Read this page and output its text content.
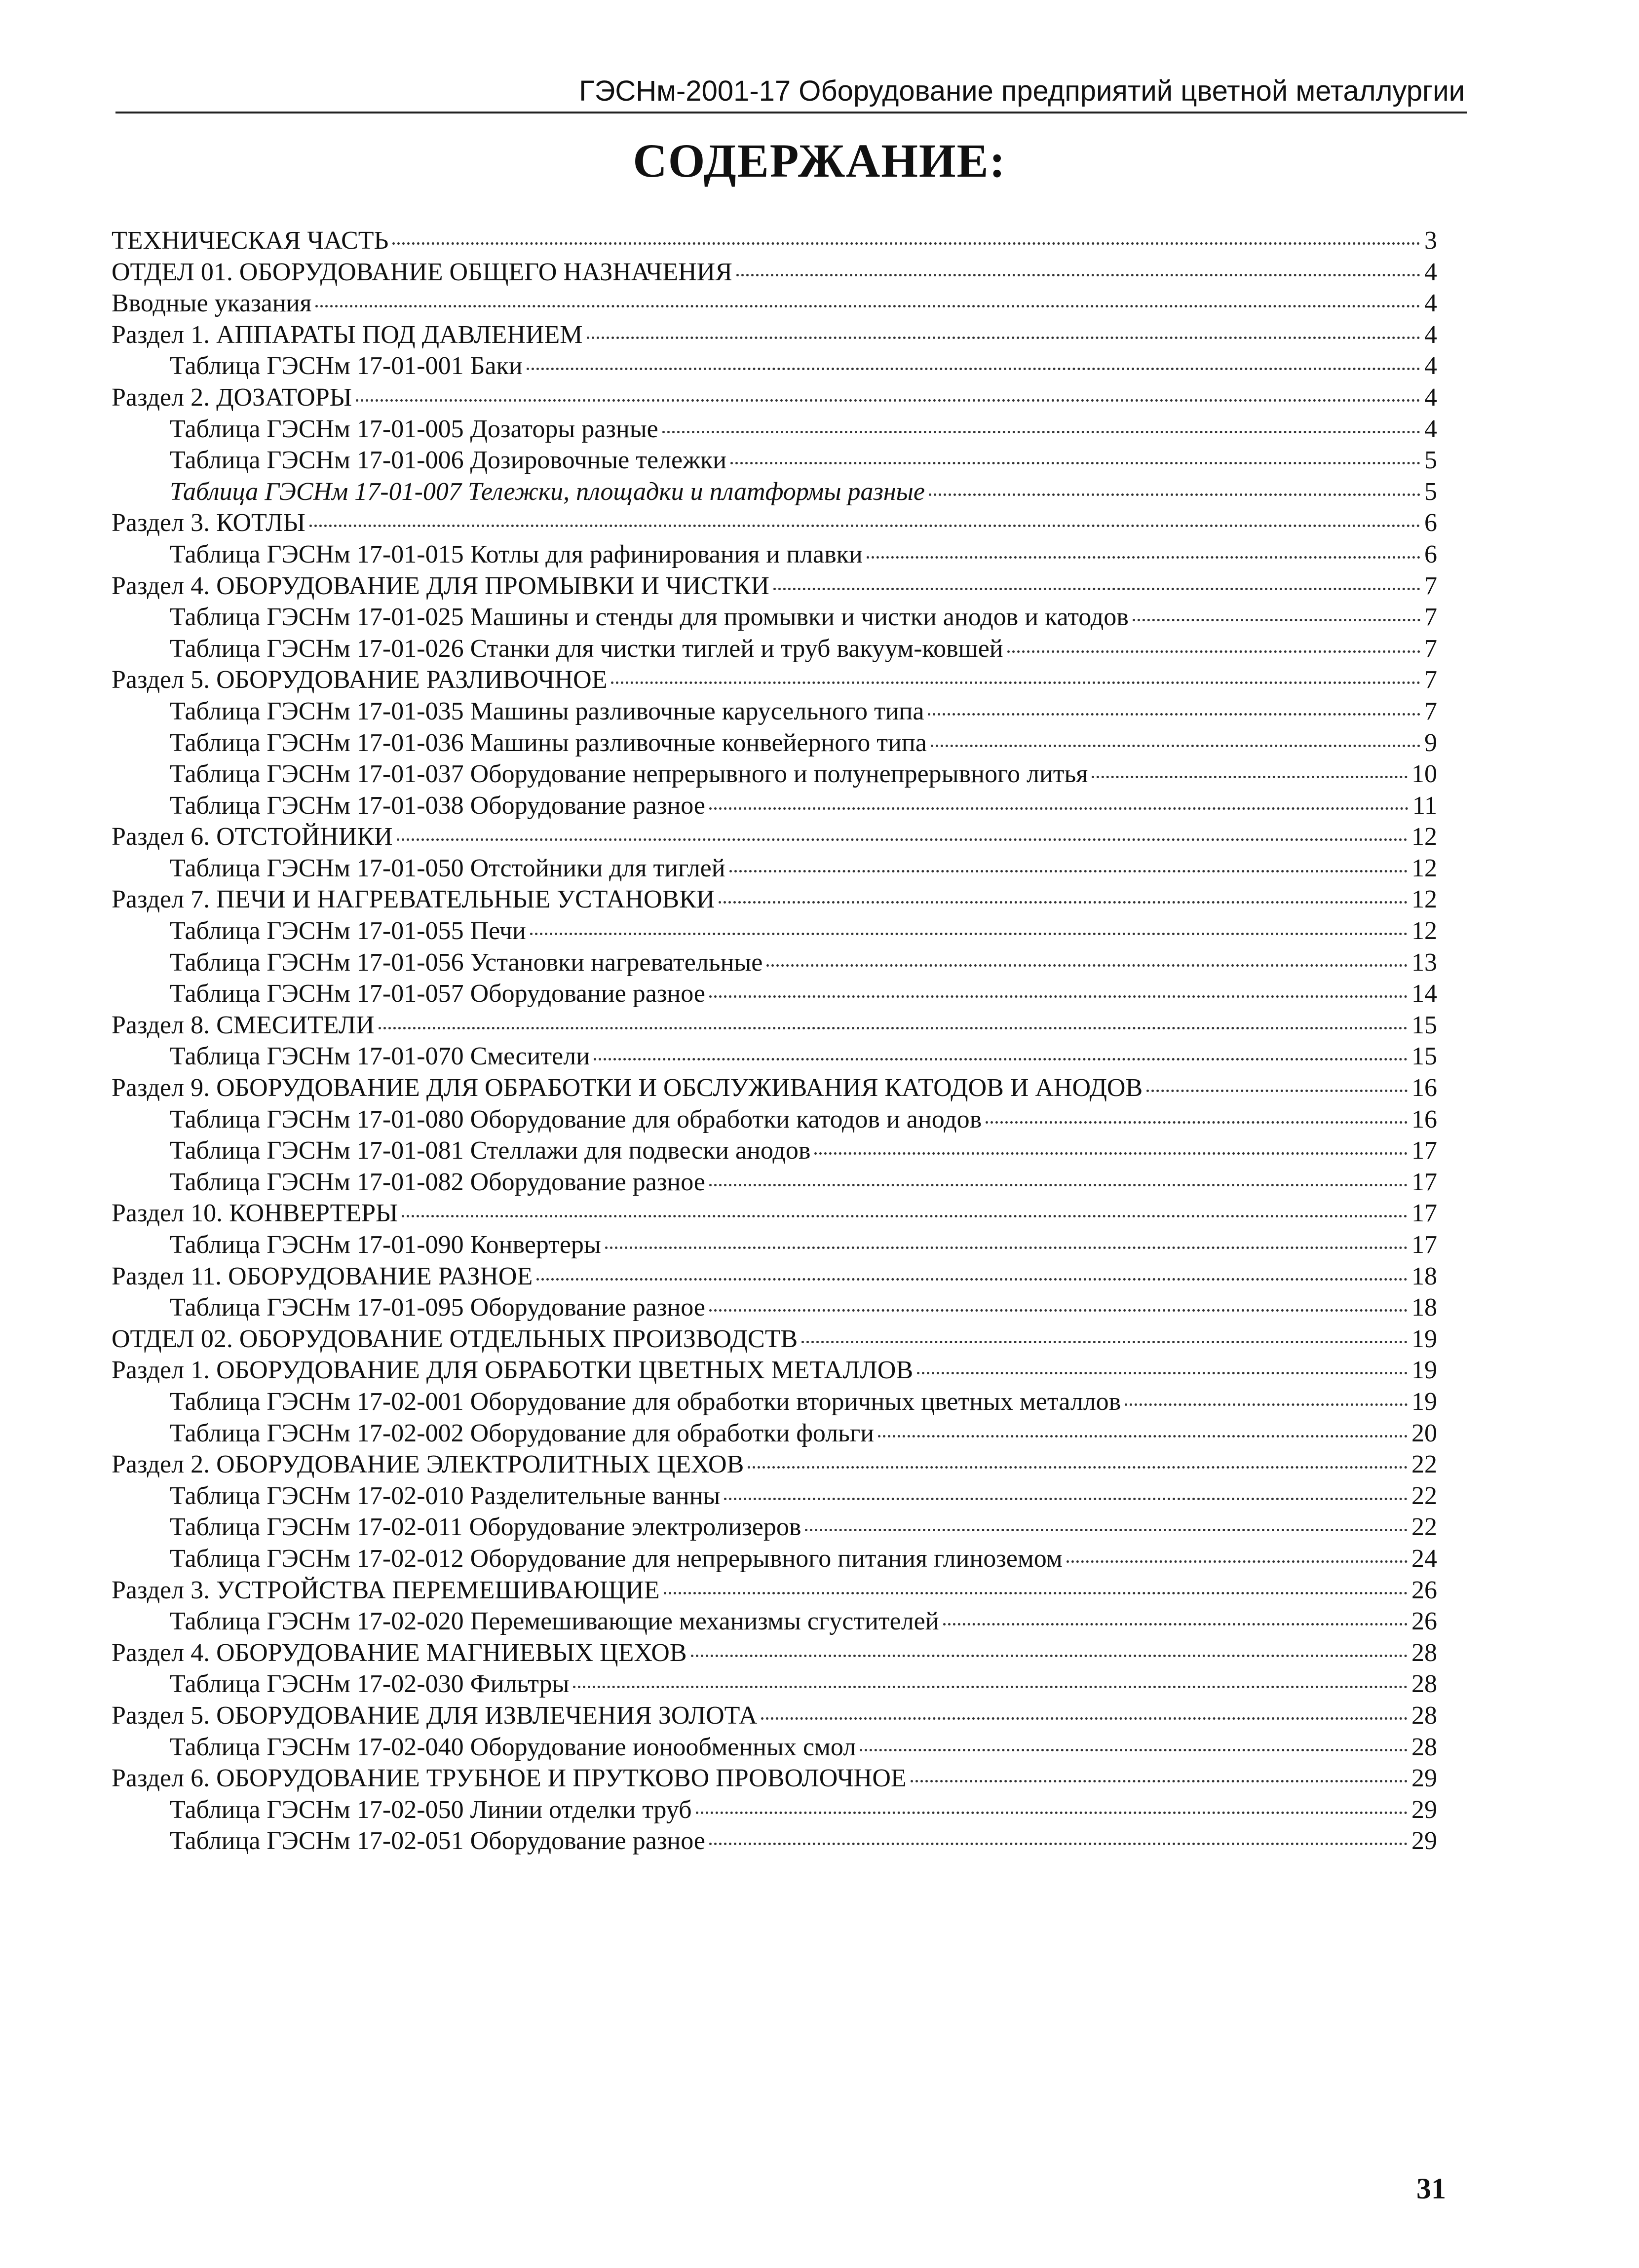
ГЭСНм-2001-17 Оборудование предприятий цветной металлургии
СОДЕРЖАНИЕ:
ТЕХНИЧЕСКАЯ ЧАСТЬ	3
ОТДЕЛ 01. ОБОРУДОВАНИЕ ОБЩЕГО НАЗНАЧЕНИЯ	4
Вводные указания	4
Раздел 1. АППАРАТЫ ПОД ДАВЛЕНИЕМ	4
Таблица ГЭСНм 17-01-001 Баки	4
Раздел 2. ДОЗАТОРЫ	4
Таблица ГЭСНм 17-01-005 Дозаторы разные	4
Таблица ГЭСНм 17-01-006 Дозировочные тележки	5
Таблица ГЭСНм 17-01-007 Тележки, площадки и платформы разные	5
Раздел 3. КОТЛЫ	6
Таблица ГЭСНм 17-01-015 Котлы для рафинирования и плавки	6
Раздел 4. ОБОРУДОВАНИЕ ДЛЯ ПРОМЫВКИ И ЧИСТКИ	7
Таблица ГЭСНм 17-01-025 Машины и стенды для промывки и чистки анодов и катодов	7
Таблица ГЭСНм 17-01-026 Станки для чистки тиглей и труб вакуум-ковшей	7
Раздел 5. ОБОРУДОВАНИЕ РАЗЛИВОЧНОЕ	7
Таблица ГЭСНм 17-01-035 Машины разливочные карусельного типа	7
Таблица ГЭСНм 17-01-036 Машины разливочные конвейерного типа	9
Таблица ГЭСНм 17-01-037 Оборудование непрерывного и полунепрерывного литья	10
Таблица ГЭСНм 17-01-038 Оборудование разное	11
Раздел 6. ОТСТОЙНИКИ	12
Таблица ГЭСНм 17-01-050 Отстойники для тиглей	12
Раздел 7. ПЕЧИ И НАГРЕВАТЕЛЬНЫЕ УСТАНОВКИ	12
Таблица ГЭСНм 17-01-055 Печи	12
Таблица ГЭСНм 17-01-056 Установки нагревательные	13
Таблица ГЭСНм 17-01-057 Оборудование разное	14
Раздел 8. СМЕСИТЕЛИ	15
Таблица ГЭСНм 17-01-070 Смесители	15
Раздел 9. ОБОРУДОВАНИЕ ДЛЯ ОБРАБОТКИ И ОБСЛУЖИВАНИЯ КАТОДОВ И АНОДОВ	16
Таблица ГЭСНм 17-01-080 Оборудование для обработки катодов и анодов	16
Таблица ГЭСНм 17-01-081 Стеллажи для подвески анодов	17
Таблица ГЭСНм 17-01-082 Оборудование разное	17
Раздел 10. КОНВЕРТЕРЫ	17
Таблица ГЭСНм 17-01-090 Конвертеры	17
Раздел 11. ОБОРУДОВАНИЕ РАЗНОЕ	18
Таблица ГЭСНм 17-01-095 Оборудование разное	18
ОТДЕЛ 02. ОБОРУДОВАНИЕ ОТДЕЛЬНЫХ ПРОИЗВОДСТВ	19
Раздел 1. ОБОРУДОВАНИЕ ДЛЯ ОБРАБОТКИ ЦВЕТНЫХ МЕТАЛЛОВ	19
Таблица ГЭСНм 17-02-001 Оборудование для обработки вторичных цветных металлов	19
Таблица ГЭСНм 17-02-002 Оборудование для обработки фольги	20
Раздел 2. ОБОРУДОВАНИЕ ЭЛЕКТРОЛИТНЫХ ЦЕХОВ	22
Таблица ГЭСНм 17-02-010 Разделительные ванны	22
Таблица ГЭСНм 17-02-011 Оборудование электролизеров	22
Таблица ГЭСНм 17-02-012 Оборудование для непрерывного питания глиноземом	24
Раздел 3. УСТРОЙСТВА ПЕРЕМЕШИВАЮЩИЕ	26
Таблица ГЭСНм 17-02-020 Перемешивающие механизмы сгустителей	26
Раздел 4. ОБОРУДОВАНИЕ МАГНИЕВЫХ ЦЕХОВ	28
Таблица ГЭСНм 17-02-030 Фильтры	28
Раздел 5. ОБОРУДОВАНИЕ ДЛЯ ИЗВЛЕЧЕНИЯ ЗОЛОТА	28
Таблица ГЭСНм 17-02-040 Оборудование ионообменных смол	28
Раздел 6. ОБОРУДОВАНИЕ ТРУБНОЕ И ПРУТКОВО ПРОВОЛОЧНОЕ	29
Таблица ГЭСНм 17-02-050 Линии отделки труб	29
Таблица ГЭСНм 17-02-051 Оборудование разное	29
31
